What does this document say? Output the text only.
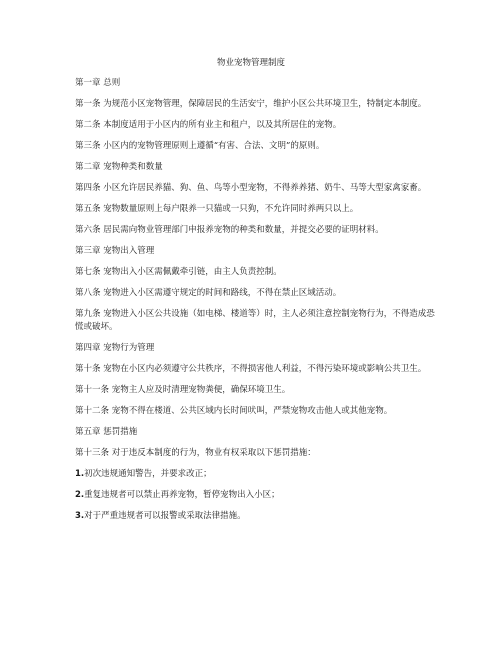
物业宠物管理制度

第一章 总则

第一条 为规范小区宠物管理，保障居民的生活安宁，维护小区公共环境卫生，特制定本制度。

第二条 本制度适用于小区内的所有业主和租户，以及其所居住的宠物。

第三条 小区内的宠物管理原则上遵循“有害、合法、文明”的原则。

第二章 宠物种类和数量

第四条 小区允许居民养猫、狗、鱼、鸟等小型宠物，不得养养猪、奶牛、马等大型家禽家畜。

第五条 宠物数量原则上每户限养一只猫或一只狗，不允许同时养两只以上。

第六条 居民需向物业管理部门申报养宠物的种类和数量，并提交必要的证明材料。

第三章 宠物出入管理

第七条 宠物出入小区需佩戴牵引链，由主人负责控制。

第八条 宠物进入小区需遵守规定的时间和路线，不得在禁止区域活动。

第九条 宠物进入小区公共设施（如电梯、楼道等）时，主人必须注意控制宠物行为，不得造成恐慌或破坏。

第四章 宠物行为管理

第十条 宠物在小区内必须遵守公共秩序，不得损害他人利益，不得污染环境或影响公共卫生。

第十一条 宠物主人应及时清理宠物粪便，确保环境卫生。

第十二条 宠物不得在楼道、公共区域内长时间吠叫，严禁宠物攻击他人或其他宠物。

第五章 惩罚措施

第十三条 对于违反本制度的行为，物业有权采取以下惩罚措施：

1.初次违规通知警告，并要求改正；

2.重复违规者可以禁止再养宠物，暂停宠物出入小区；

3.对于严重违规者可以报警或采取法律措施。
